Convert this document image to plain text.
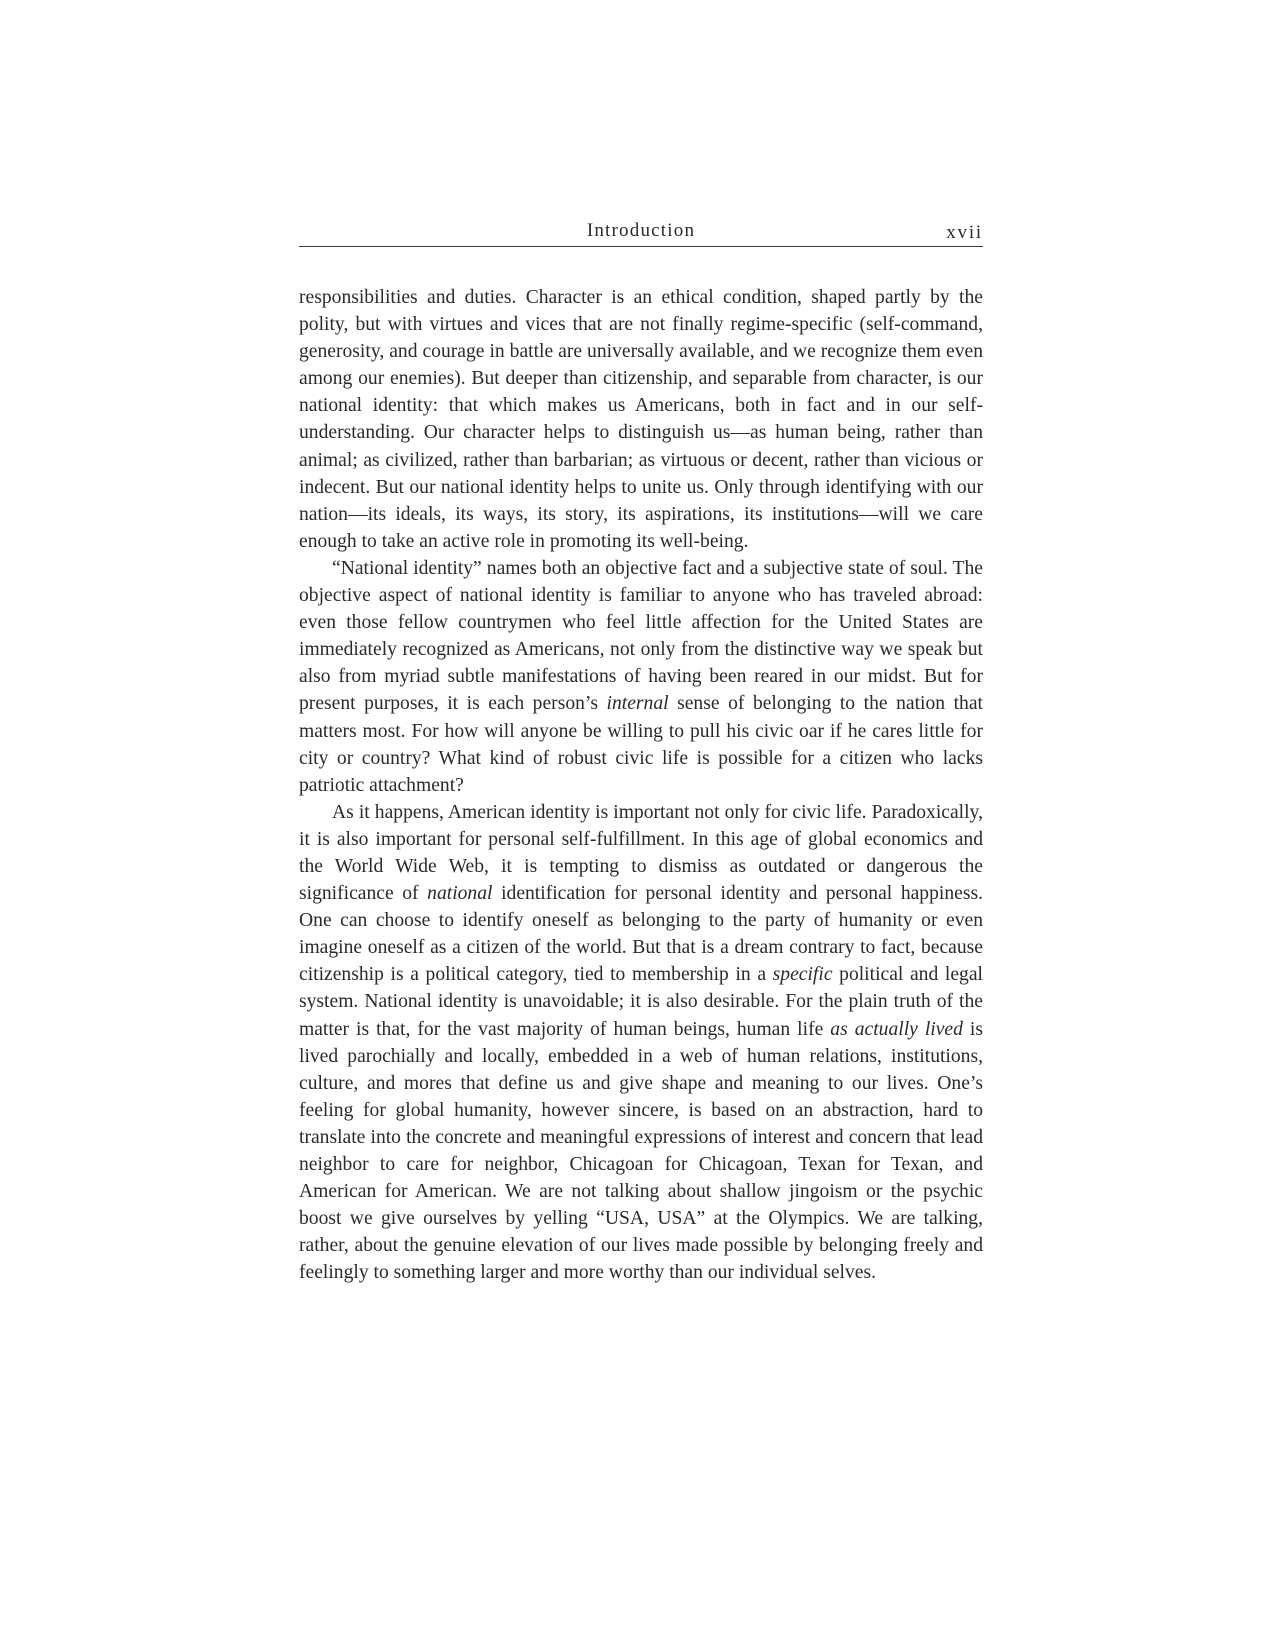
Introduction	xvii

responsibilities and duties. Character is an ethical condition, shaped partly by the polity, but with virtues and vices that are not finally regime-specific (self-command, generosity, and courage in battle are universally available, and we recognize them even among our enemies). But deeper than citizenship, and separable from character, is our national identity: that which makes us Americans, both in fact and in our self-understanding. Our character helps to distinguish us—as human being, rather than animal; as civilized, rather than barbarian; as virtuous or decent, rather than vicious or indecent. But our national identity helps to unite us. Only through identifying with our nation—its ideals, its ways, its story, its aspirations, its institutions—will we care enough to take an active role in promoting its well-being.

“National identity” names both an objective fact and a subjective state of soul. The objective aspect of national identity is familiar to anyone who has traveled abroad: even those fellow countrymen who feel little affection for the United States are immediately recognized as Americans, not only from the distinctive way we speak but also from myriad subtle manifestations of having been reared in our midst. But for present purposes, it is each person’s internal sense of belonging to the nation that matters most. For how will anyone be willing to pull his civic oar if he cares little for city or country? What kind of robust civic life is possible for a citizen who lacks patriotic attachment?

As it happens, American identity is important not only for civic life. Paradoxically, it is also important for personal self-fulfillment. In this age of global economics and the World Wide Web, it is tempting to dismiss as outdated or dangerous the significance of national identification for personal identity and personal happiness. One can choose to identify oneself as belonging to the party of humanity or even imagine oneself as a citizen of the world. But that is a dream contrary to fact, because citizenship is a political category, tied to membership in a specific political and legal system. National identity is unavoidable; it is also desirable. For the plain truth of the matter is that, for the vast majority of human beings, human life as actually lived is lived parochially and locally, embedded in a web of human relations, institutions, culture, and mores that define us and give shape and meaning to our lives. One’s feeling for global humanity, however sincere, is based on an abstraction, hard to translate into the concrete and meaningful expressions of interest and concern that lead neighbor to care for neighbor, Chicagoan for Chicagoan, Texan for Texan, and American for American. We are not talking about shallow jingoism or the psychic boost we give ourselves by yelling “USA, USA” at the Olympics. We are talking, rather, about the genuine elevation of our lives made possible by belonging freely and feelingly to something larger and more worthy than our individual selves.
